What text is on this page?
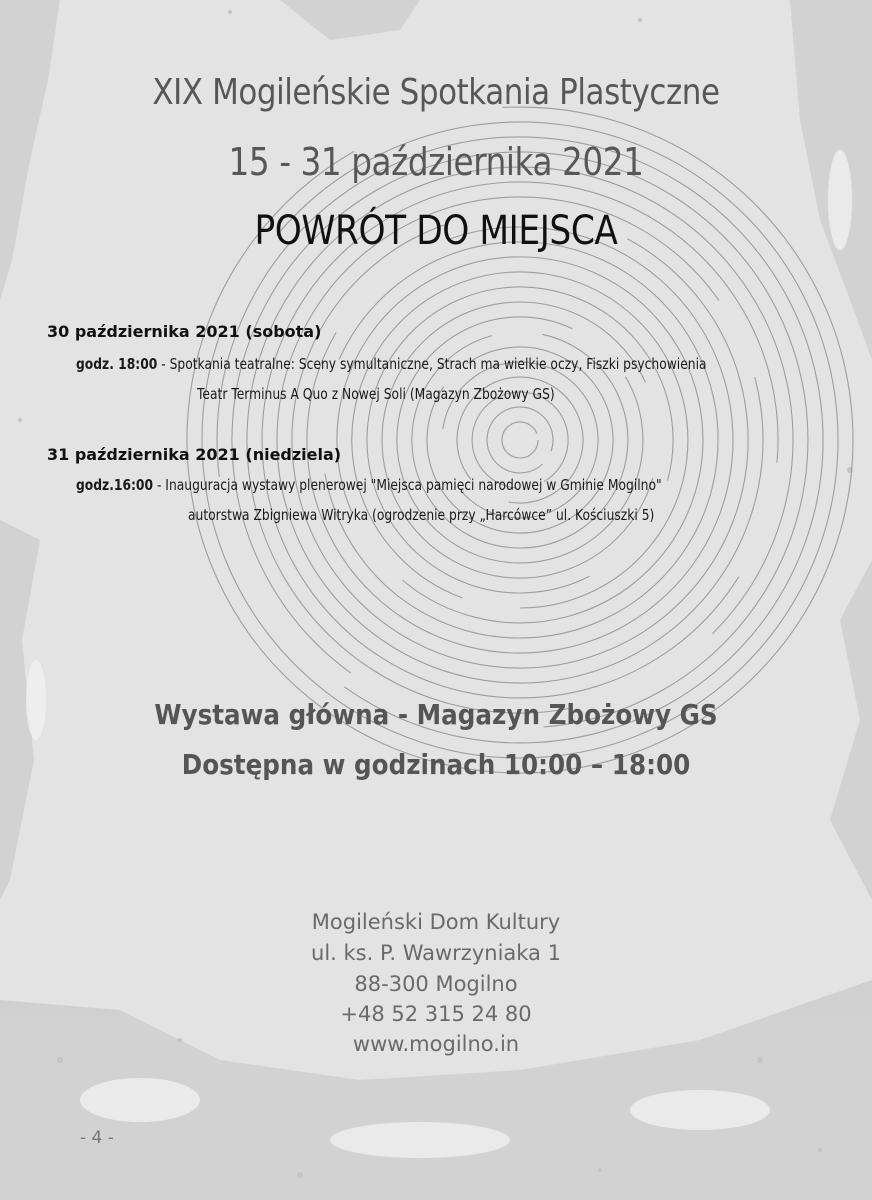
XIX Mogileńskie Spotkania Plastyczne
15 - 31 października 2021
POWRÓT DO MIEJSCA
30 października 2021 (sobota)
godz. 18:00 - Spotkania teatralne: Sceny symultaniczne, Strach ma wielkie oczy, Fiszki psychowienia
Teatr Terminus A Quo z Nowej Soli (Magazyn Zbożowy GS)
31 października 2021 (niedziela)
godz.16:00 - Inauguracja wystawy plenerowej "Miejsca pamięci narodowej w Gminie Mogilno"
autorstwa Zbigniewa Witryka (ogrodzenie przy „Harcówce” ul. Kościuszki 5)
Wystawa główna - Magazyn Zbożowy GS
Dostępna w godzinach 10:00 – 18:00
Mogileński Dom Kultury
ul. ks. P. Wawrzyniaka 1
88-300 Mogilno
+48 52 315 24 80
www.mogilno.in
- 4 -
